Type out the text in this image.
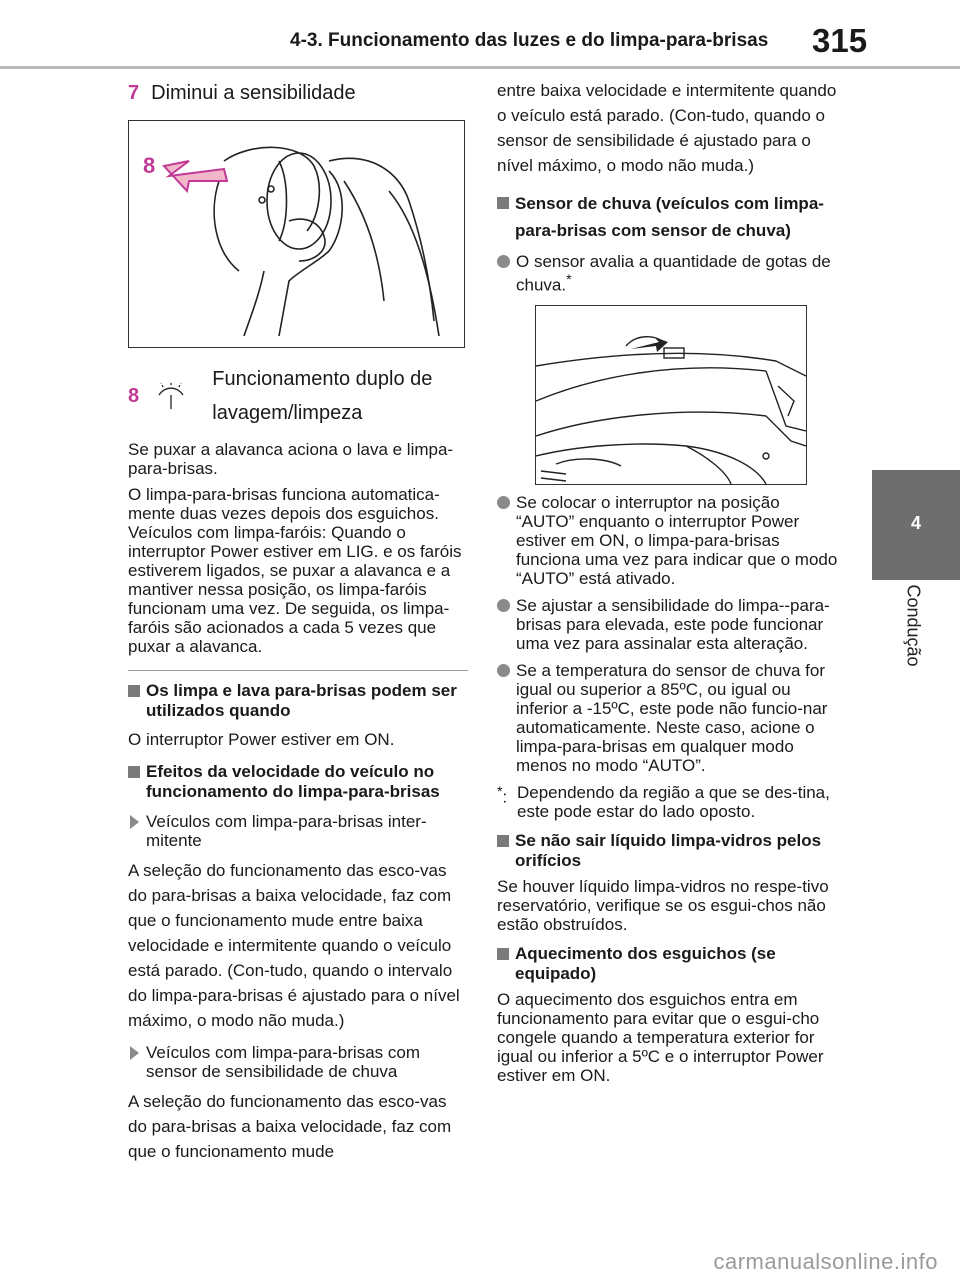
4-3. Funcionamento das luzes e do limpa-para-brisas 315
4
Condução
7 Diminui a sensibilidade
8
8
Funcionamento duplo de lavagem/limpeza

Se puxar a alavanca aciona o lava e limpa-para-brisas.

O limpa-para-brisas funciona automatica-mente duas vezes depois dos esguichos. Veículos com limpa-faróis: Quando o interruptor Power estiver em LIG. e os faróis estiverem ligados, se puxar a alavanca e a mantiver nessa posição, os limpa-faróis funcionam uma vez. De seguida, os limpa-faróis são acionados a cada 5 vezes que puxar a alavanca.

Os limpa e lava para-brisas podem ser utilizados quando

O interruptor Power estiver em ON.

Efeitos da velocidade do veículo no funcionamento do limpa-para-brisas
Veículos com limpa-para-brisas inter-mitente

A seleção do funcionamento das esco-vas do para-brisas a baixa velocidade, faz com que o funcionamento mude entre baixa velocidade e intermitente quando o veículo está parado. (Con-tudo, quando o intervalo do limpa-para-brisas é ajustado para o nível máximo, o modo não muda.)

Veículos com limpa-para-brisas com sensor de sensibilidade de chuva

A seleção do funcionamento das esco-vas do para-brisas a baixa velocidade, faz com que o funcionamento mude

entre baixa velocidade e intermitente quando o veículo está parado. (Con-tudo, quando o sensor de sensibilidade é ajustado para o nível máximo, o modo não muda.)

Sensor de chuva (veículos com limpa-para-brisas com sensor de chuva)
O sensor avalia a quantidade de gotas de chuva.*
Se colocar o interruptor na posição “AUTO” enquanto o interruptor Power estiver em ON, o limpa-para-brisas funciona uma vez para indicar que o modo “AUTO” está ativado.
Se ajustar a sensibilidade do limpa--para-brisas para elevada, este pode funcionar uma vez para assinalar esta alteração.
Se a temperatura do sensor de chuva for igual ou superior a 85ºC, ou igual ou inferior a -15ºC, este pode não funcio-nar automaticamente. Neste caso, acione o limpa-para-brisas em qualquer modo menos no modo “AUTO”.
*: Dependendo da região a que se des-tina, este pode estar do lado oposto.
Se não sair líquido limpa-vidros pelos orifícios

Se houver líquido limpa-vidros no respe-tivo reservatório, verifique se os esgui-chos não estão obstruídos.

Aquecimento dos esguichos (se equipado)

O aquecimento dos esguichos entra em funcionamento para evitar que o esgui-cho congele quando a temperatura exterior for igual ou inferior a 5ºC e o interruptor Power estiver em ON.

carmanualsonline.info
